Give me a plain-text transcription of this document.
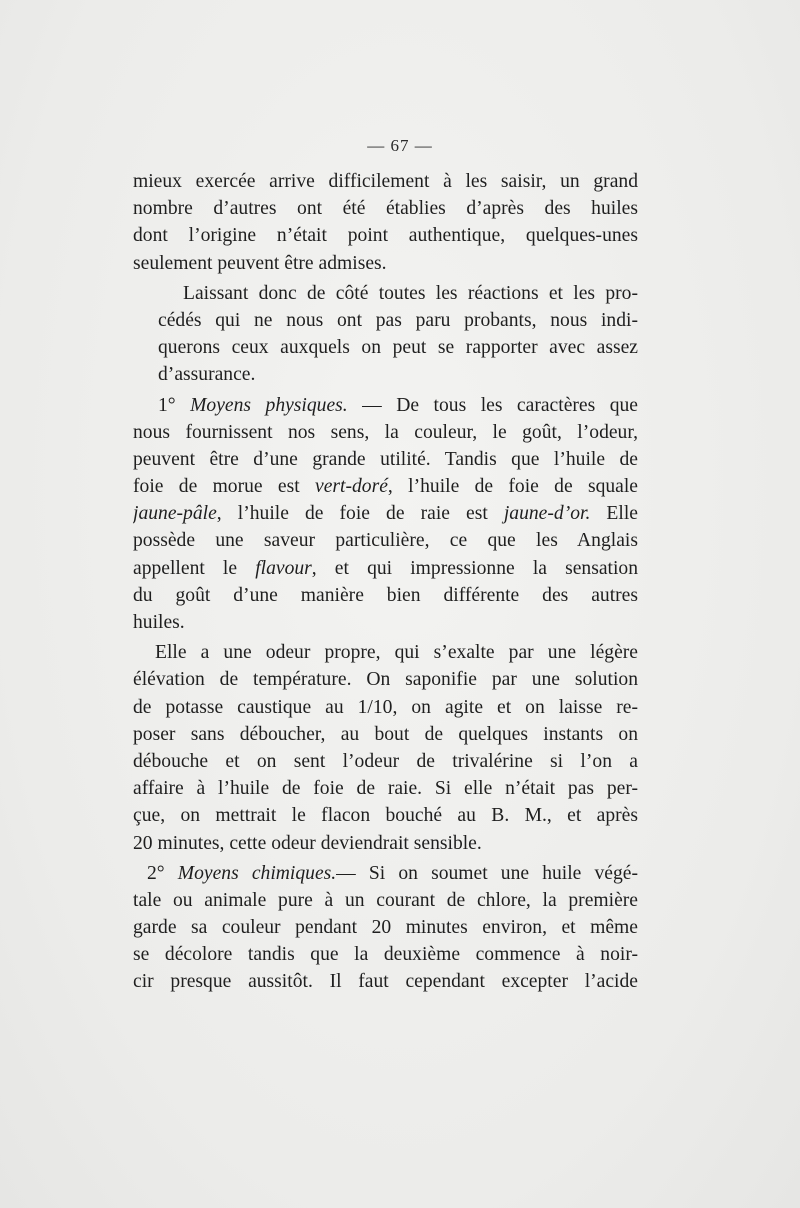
— 67 —
mieux exercée arrive difficilement à les saisir, un grand
nombre d’autres ont été établies d’après des huiles
dont l’origine n’était point authentique, quelques-unes
seulement peuvent être admises.
Laissant donc de côté toutes les réactions et les pro-
cédés qui ne nous ont pas paru probants, nous indi-
querons ceux auxquels on peut se rapporter avec assez
d’assurance.
1° Moyens physiques. — De tous les caractères que
nous fournissent nos sens, la couleur, le goût, l’odeur,
peuvent être d’une grande utilité. Tandis que l’huile de
foie de morue est vert-doré, l’huile de foie de squale
jaune-pâle, l’huile de foie de raie est jaune-d’or. Elle
possède une saveur particulière, ce que les Anglais
appellent le flavour, et qui impressionne la sensation
du goût d’une manière bien différente des autres
huiles.
Elle a une odeur propre, qui s’exalte par une légère
élévation de température. On saponifie par une solution
de potasse caustique au 1/10, on agite et on laisse re-
poser sans déboucher, au bout de quelques instants on
débouche et on sent l’odeur de trivalérine si l’on a
affaire à l’huile de foie de raie. Si elle n’était pas per-
çue, on mettrait le flacon bouché au B. M., et après
20 minutes, cette odeur deviendrait sensible.
2° Moyens chimiques.— Si on soumet une huile végé-
tale ou animale pure à un courant de chlore, la première
garde sa couleur pendant 20 minutes environ, et même
se décolore tandis que la deuxième commence à noir-
cir presque aussitôt. Il faut cependant excepter l’acide
